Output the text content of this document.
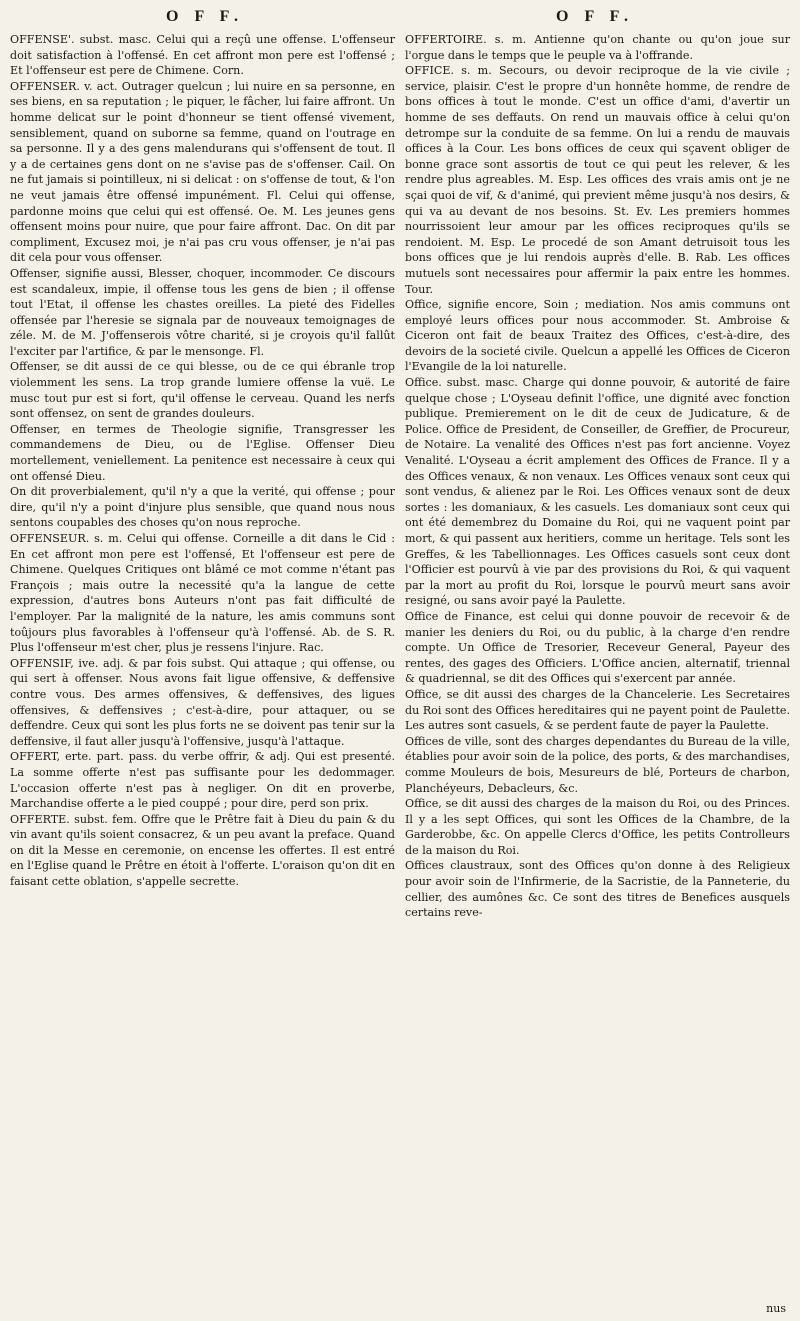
O F F.	O F F.

OFFENSE'. subst. masc. Celui qui a reçû une offense. L'offenseur doit satisfaction à l'offensé. En cet affront mon pere est l'offensé ; Et l'offenseur est pere de Chimene. Corn.

OFFENSER. v. act. Outrager quelcun ; lui nuire en sa personne, en ses biens, en sa reputation ; le piquer, le fâcher, lui faire affront. Un homme delicat sur le point d'honneur se tient offensé vivement, sensiblement, quand on suborne sa femme, quand on l'outrage en sa personne. Il y a des gens malendurans qui s'offensent de tout. Il y a de certaines gens dont on ne s'avise pas de s'offenser. Cail. On ne fut jamais si pointilleux, ni si delicat : on s'offense de tout, & l'on ne veut jamais être offensé impunément. Fl. Celui qui offense, pardonne moins que celui qui est offensé. Oe. M. Les jeunes gens offensent moins pour nuire, que pour faire affront. Dac. On dit par compliment, Excusez moi, je n'ai pas cru vous offenser, je n'ai pas dit cela pour vous offenser.

Offenser, signifie aussi, Blesser, choquer, incommoder. Ce discours est scandaleux, impie, il offense tous les gens de bien ; il offense tout l'Etat, il offense les chastes oreilles. La pieté des Fidelles offensée par l'heresie se signala par de nouveaux temoignages de zéle. M. de M. J'offenserois vôtre charité, si je croyois qu'il fallût l'exciter par l'artifice, & par le mensonge. Fl.

Offenser, se dit aussi de ce qui blesse, ou de ce qui ébranle trop violemment les sens. La trop grande lumiere offense la vuë. Le musc tout pur est si fort, qu'il offense le cerveau. Quand les nerfs sont offensez, on sent de grandes douleurs.

Offenser, en termes de Theologie signifie, Transgresser les commandemens de Dieu, ou de l'Eglise. Offenser Dieu mortellement, veniellement. La penitence est necessaire à ceux qui ont offensé Dieu.

On dit proverbialement, qu'il n'y a que la verité, qui offense ; pour dire, qu'il n'y a point d'injure plus sensible, que quand nous nous sentons coupables des choses qu'on nous reproche.

OFFENSEUR. s. m. Celui qui offense. Corneille a dit dans le Cid : En cet affront mon pere est l'offensé, Et l'offenseur est pere de Chimene. Quelques Critiques ont blâmé ce mot comme n'étant pas François ; mais outre la necessité qu'a la langue de cette expression, d'autres bons Auteurs n'ont pas fait difficulté de l'employer. Par la malignité de la nature, les amis communs sont toûjours plus favorables à l'offenseur qu'à l'offensé. Ab. de S. R. Plus l'offenseur m'est cher, plus je ressens l'injure. Rac.

OFFENSIF, ive. adj. & par fois subst. Qui attaque ; qui offense, ou qui sert à offenser. Nous avons fait ligue offensive, & deffensive contre vous. Des armes offensives, & deffensives, des ligues offensives, & deffensives ; c'est-à-dire, pour attaquer, ou se deffendre. Ceux qui sont les plus forts ne se doivent pas tenir sur la deffensive, il faut aller jusqu'à l'offensive, jusqu'à l'attaque.

OFFERT, erte. part. pass. du verbe offrir, & adj. Qui est presenté. La somme offerte n'est pas suffisante pour les dedommager. L'occasion offerte n'est pas à negliger. On dit en proverbe, Marchandise offerte a le pied couppé ; pour dire, perd son prix.

OFFERTE. subst. fem. Offre que le Prêtre fait à Dieu du pain & du vin avant qu'ils soient consacrez, & un peu avant la preface. Quand on dit la Messe en ceremonie, on encense les offertes. Il est entré en l'Eglise quand le Prêtre en étoit à l'offerte. L'oraison qu'on dit en faisant cette oblation, s'appelle secrette.

OFFERTOIRE. s. m. Antienne qu'on chante ou qu'on joue sur l'orgue dans le temps que le peuple va à l'offrande.

OFFICE. s. m. Secours, ou devoir reciproque de la vie civile ; service, plaisir. C'est le propre d'un honnête homme, de rendre de bons offices à tout le monde. C'est un office d'ami, d'avertir un homme de ses deffauts. On rend un mauvais office à celui qu'on detrompe sur la conduite de sa femme. On lui a rendu de mauvais offices à la Cour. Les bons offices de ceux qui sçavent obliger de bonne grace sont assortis de tout ce qui peut les relever, & les rendre plus agreables. M. Esp. Les offices des vrais amis ont je ne sçai quoi de vif, & d'animé, qui previent même jusqu'à nos desirs, & qui va au devant de nos besoins. St. Ev. Les premiers hommes nourrissoient leur amour par les offices reciproques qu'ils se rendoient. M. Esp. Le procedé de son Amant detruisoit tous les bons offices que je lui rendois auprès d'elle. B. Rab. Les offices mutuels sont necessaires pour affermir la paix entre les hommes. Tour.

Office, signifie encore, Soin ; mediation. Nos amis communs ont employé leurs offices pour nous accommoder. St. Ambroise & Ciceron ont fait de beaux Traitez des Offices, c'est-à-dire, des devoirs de la societé civile. Quelcun a appellé les Offices de Ciceron l'Evangile de la loi naturelle.

Office. subst. masc. Charge qui donne pouvoir, & autorité de faire quelque chose ; L'Oyseau definit l'office, une dignité avec fonction publique. Premierement on le dit de ceux de Judicature, & de Police. Office de President, de Conseiller, de Greffier, de Procureur, de Notaire. La venalité des Offices n'est pas fort ancienne. Voyez Venalité. L'Oyseau a écrit amplement des Offices de France. Il y a des Offices venaux, & non venaux. Les Offices venaux sont ceux qui sont vendus, & alienez par le Roi. Les Offices venaux sont de deux sortes : les domaniaux, & les casuels. Les domaniaux sont ceux qui ont été demembrez du Domaine du Roi, qui ne vaquent point par mort, & qui passent aux heritiers, comme un heritage. Tels sont les Greffes, & les Tabellionnages. Les Offices casuels sont ceux dont l'Officier est pourvû à vie par des provisions du Roi, & qui vaquent par la mort au profit du Roi, lorsque le pourvû meurt sans avoir resigné, ou sans avoir payé la Paulette.

Office de Finance, est celui qui donne pouvoir de recevoir & de manier les deniers du Roi, ou du public, à la charge d'en rendre compte. Un Office de Tresorier, Receveur General, Payeur des rentes, des gages des Officiers. L'Office ancien, alternatif, triennal & quadriennal, se dit des Offices qui s'exercent par année.

Office, se dit aussi des charges de la Chancelerie. Les Secretaires du Roi sont des Offices hereditaires qui ne payent point de Paulette. Les autres sont casuels, & se perdent faute de payer la Paulette.

Offices de ville, sont des charges dependantes du Bureau de la ville, établies pour avoir soin de la police, des ports, & des marchandises, comme Mouleurs de bois, Mesureurs de blé, Porteurs de charbon, Planchéyeurs, Debacleurs, &c.

Office, se dit aussi des charges de la maison du Roi, ou des Princes. Il y a les sept Offices, qui sont les Offices de la Chambre, de la Garderobbe, &c. On appelle Clercs d'Office, les petits Controlleurs de la maison du Roi.

Offices claustraux, sont des Offices qu'on donne à des Religieux pour avoir soin de l'Infirmerie, de la Sacristie, de la Panneterie, du cellier, des aumônes &c. Ce sont des titres de Benefices ausquels certains reve-

nus
